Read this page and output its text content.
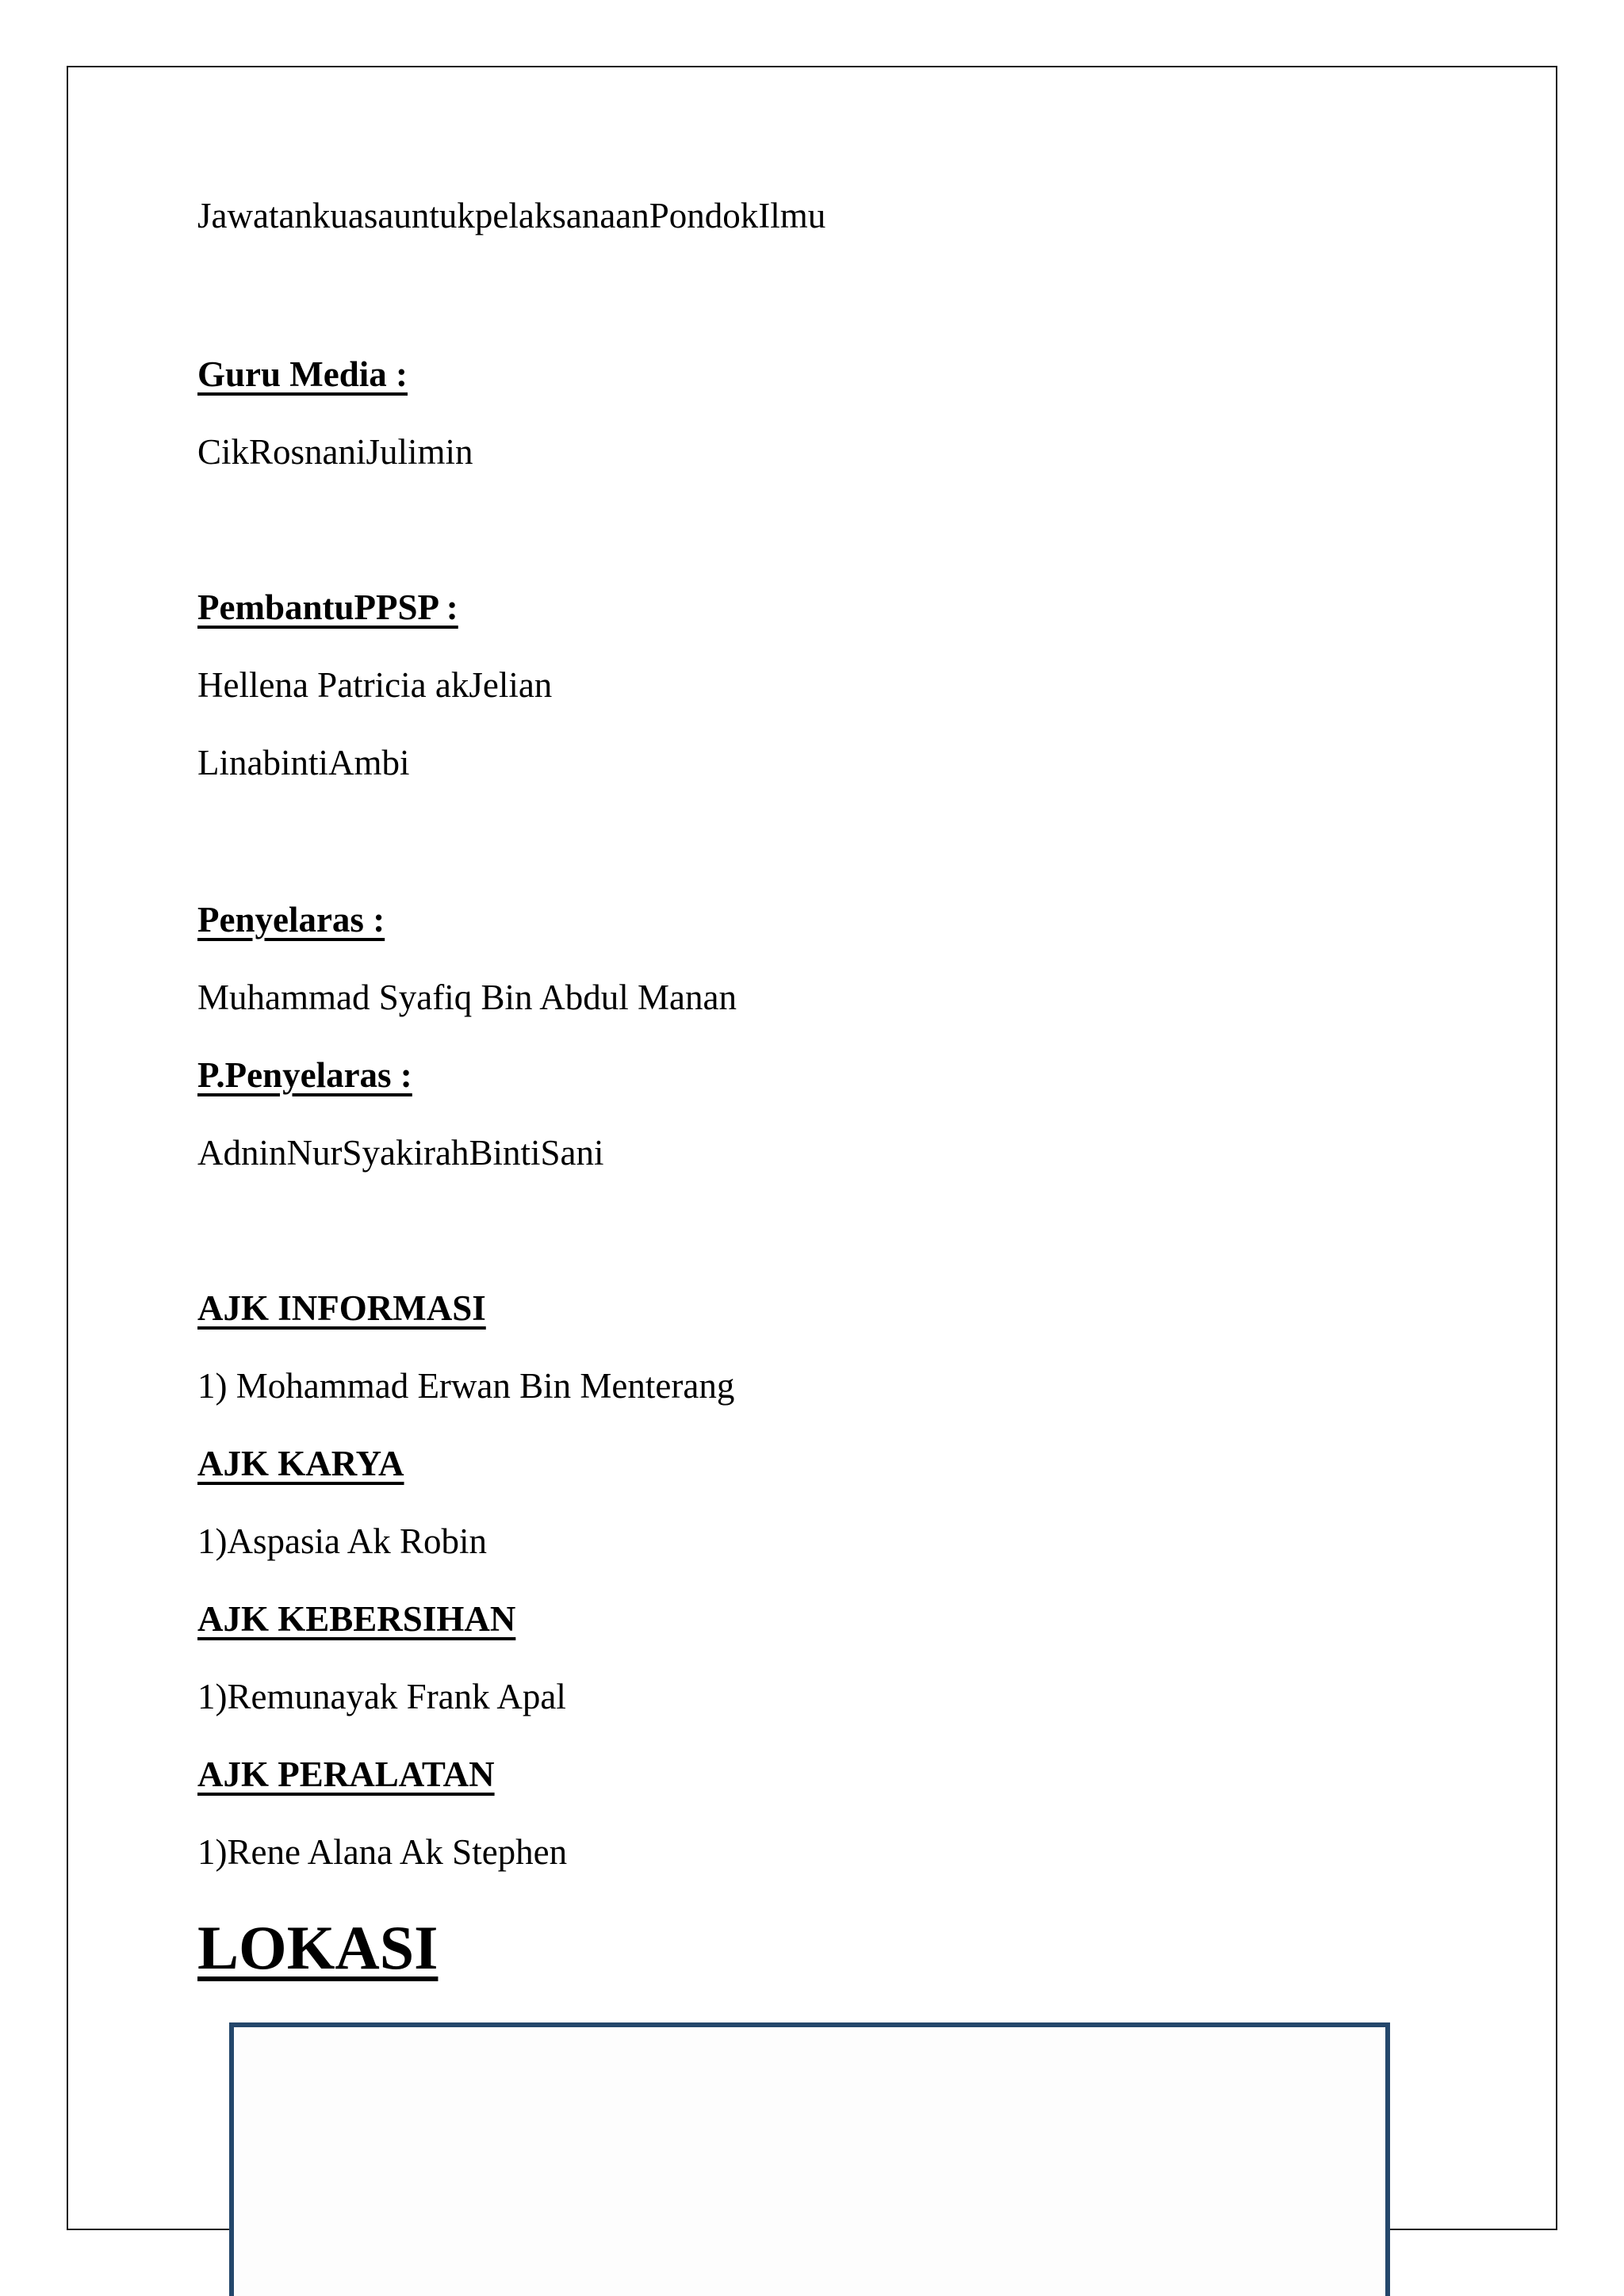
JawatankuasauntukpelaksanaanPondokIlmu
Guru Media :
CikRosnaniJulimin
PembantuPPSP :
Hellena Patricia akJelian
LinabintiAmbi
Penyelaras :
Muhammad Syafiq Bin Abdul Manan
P.Penyelaras :
AdninNurSyakirahBintiSani
AJK INFORMASI
1) Mohammad Erwan Bin Menterang
AJK KARYA
1)Aspasia Ak Robin
AJK KEBERSIHAN
1)Remunayak Frank Apal
AJK PERALATAN
1)Rene Alana Ak Stephen
LOKASI
